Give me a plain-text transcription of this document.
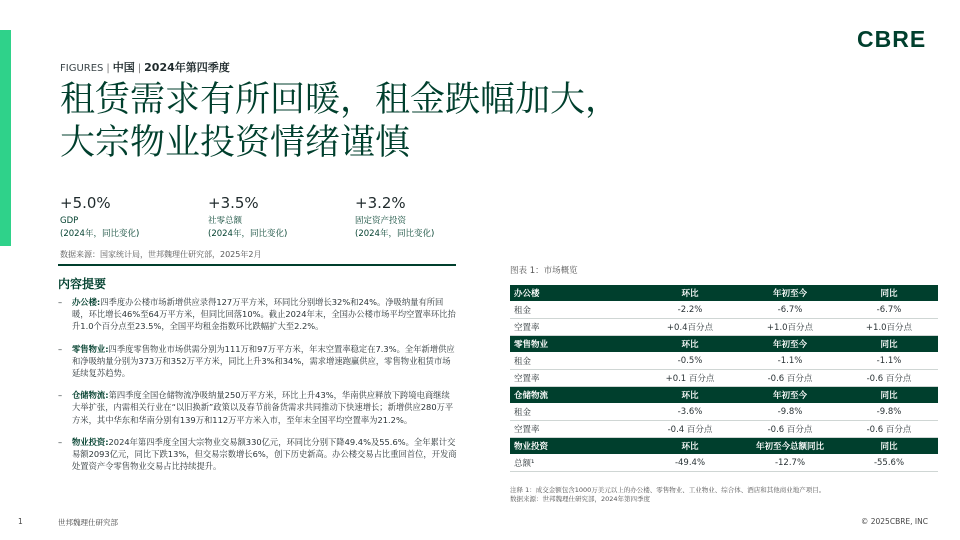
CBRE
FIGURES | 中国 | 2024年第四季度
租赁需求有所回暖，租金跌幅加大，
大宗物业投资情绪谨慎
+5.0%
GDP
(2024年，同比变化)
+3.5%
社零总额
(2024年，同比变化)
+3.2%
固定资产投资
(2024年，同比变化)
数据来源：国家统计局，世邦魏理仕研究部，2025年2月
内容提要
– 办公楼:四季度办公楼市场新增供应录得127万平方米，环同比分别增长32%和24%。净吸纳量有所回暖，环比增长46%至64万平方米，但同比回落10%。截止2024年末，全国办公楼市场平均空置率环比抬升1.0个百分点至23.5%，全国平均租金指数环比跌幅扩大至2.2%。
– 零售物业:四季度零售物业市场供需分别为111万和97万平方米，年末空置率稳定在7.3%。全年新增供应和净吸纳量分别为373万和352万平方米，同比上升3%和34%，需求增速跑赢供应，零售物业租赁市场延续复苏趋势。
– 仓储物流:第四季度全国仓储物流净吸纳量250万平方米，环比上升43%，华南供应释放下跨境电商继续大举扩张，内需相关行业在“以旧换新”政策以及春节前备货需求共同推动下快速增长；新增供应280万平方米，其中华东和华南分别有139万和112万平方米入市，至年末全国平均空置率为21.2%。
– 物业投资:2024年第四季度全国大宗物业交易额330亿元，环同比分别下降49.4%及55.6%。全年累计交易额2093亿元，同比下跌13%，但交易宗数增长6%，创下历史新高。办公楼交易占比重回首位，开发商处置资产令零售物业交易占比持续提升。
图表 1：市场概览
办公楼	环比	年初至今	同比
租金	-2.2%	-6.7%	-6.7%
空置率	+0.4百分点	+1.0百分点	+1.0百分点
零售物业	环比	年初至今	同比
租金	-0.5%	-1.1%	-1.1%
空置率	+0.1 百分点	-0.6 百分点	-0.6 百分点
仓储物流	环比	年初至今	同比
租金	-3.6%	-9.8%	-9.8%
空置率	-0.4 百分点	-0.6 百分点	-0.6 百分点
物业投资	环比	年初至今总额同比	同比
总额¹	-49.4%	-12.7%	-55.6%
注释 1：成交金额包含1000万美元以上的办公楼、零售物业、工业物业、综合体、酒店和其他商业地产项目。
数据来源：世邦魏理仕研究部，2024年第四季度
1	世邦魏理仕研究部	© 2025CBRE, INC
